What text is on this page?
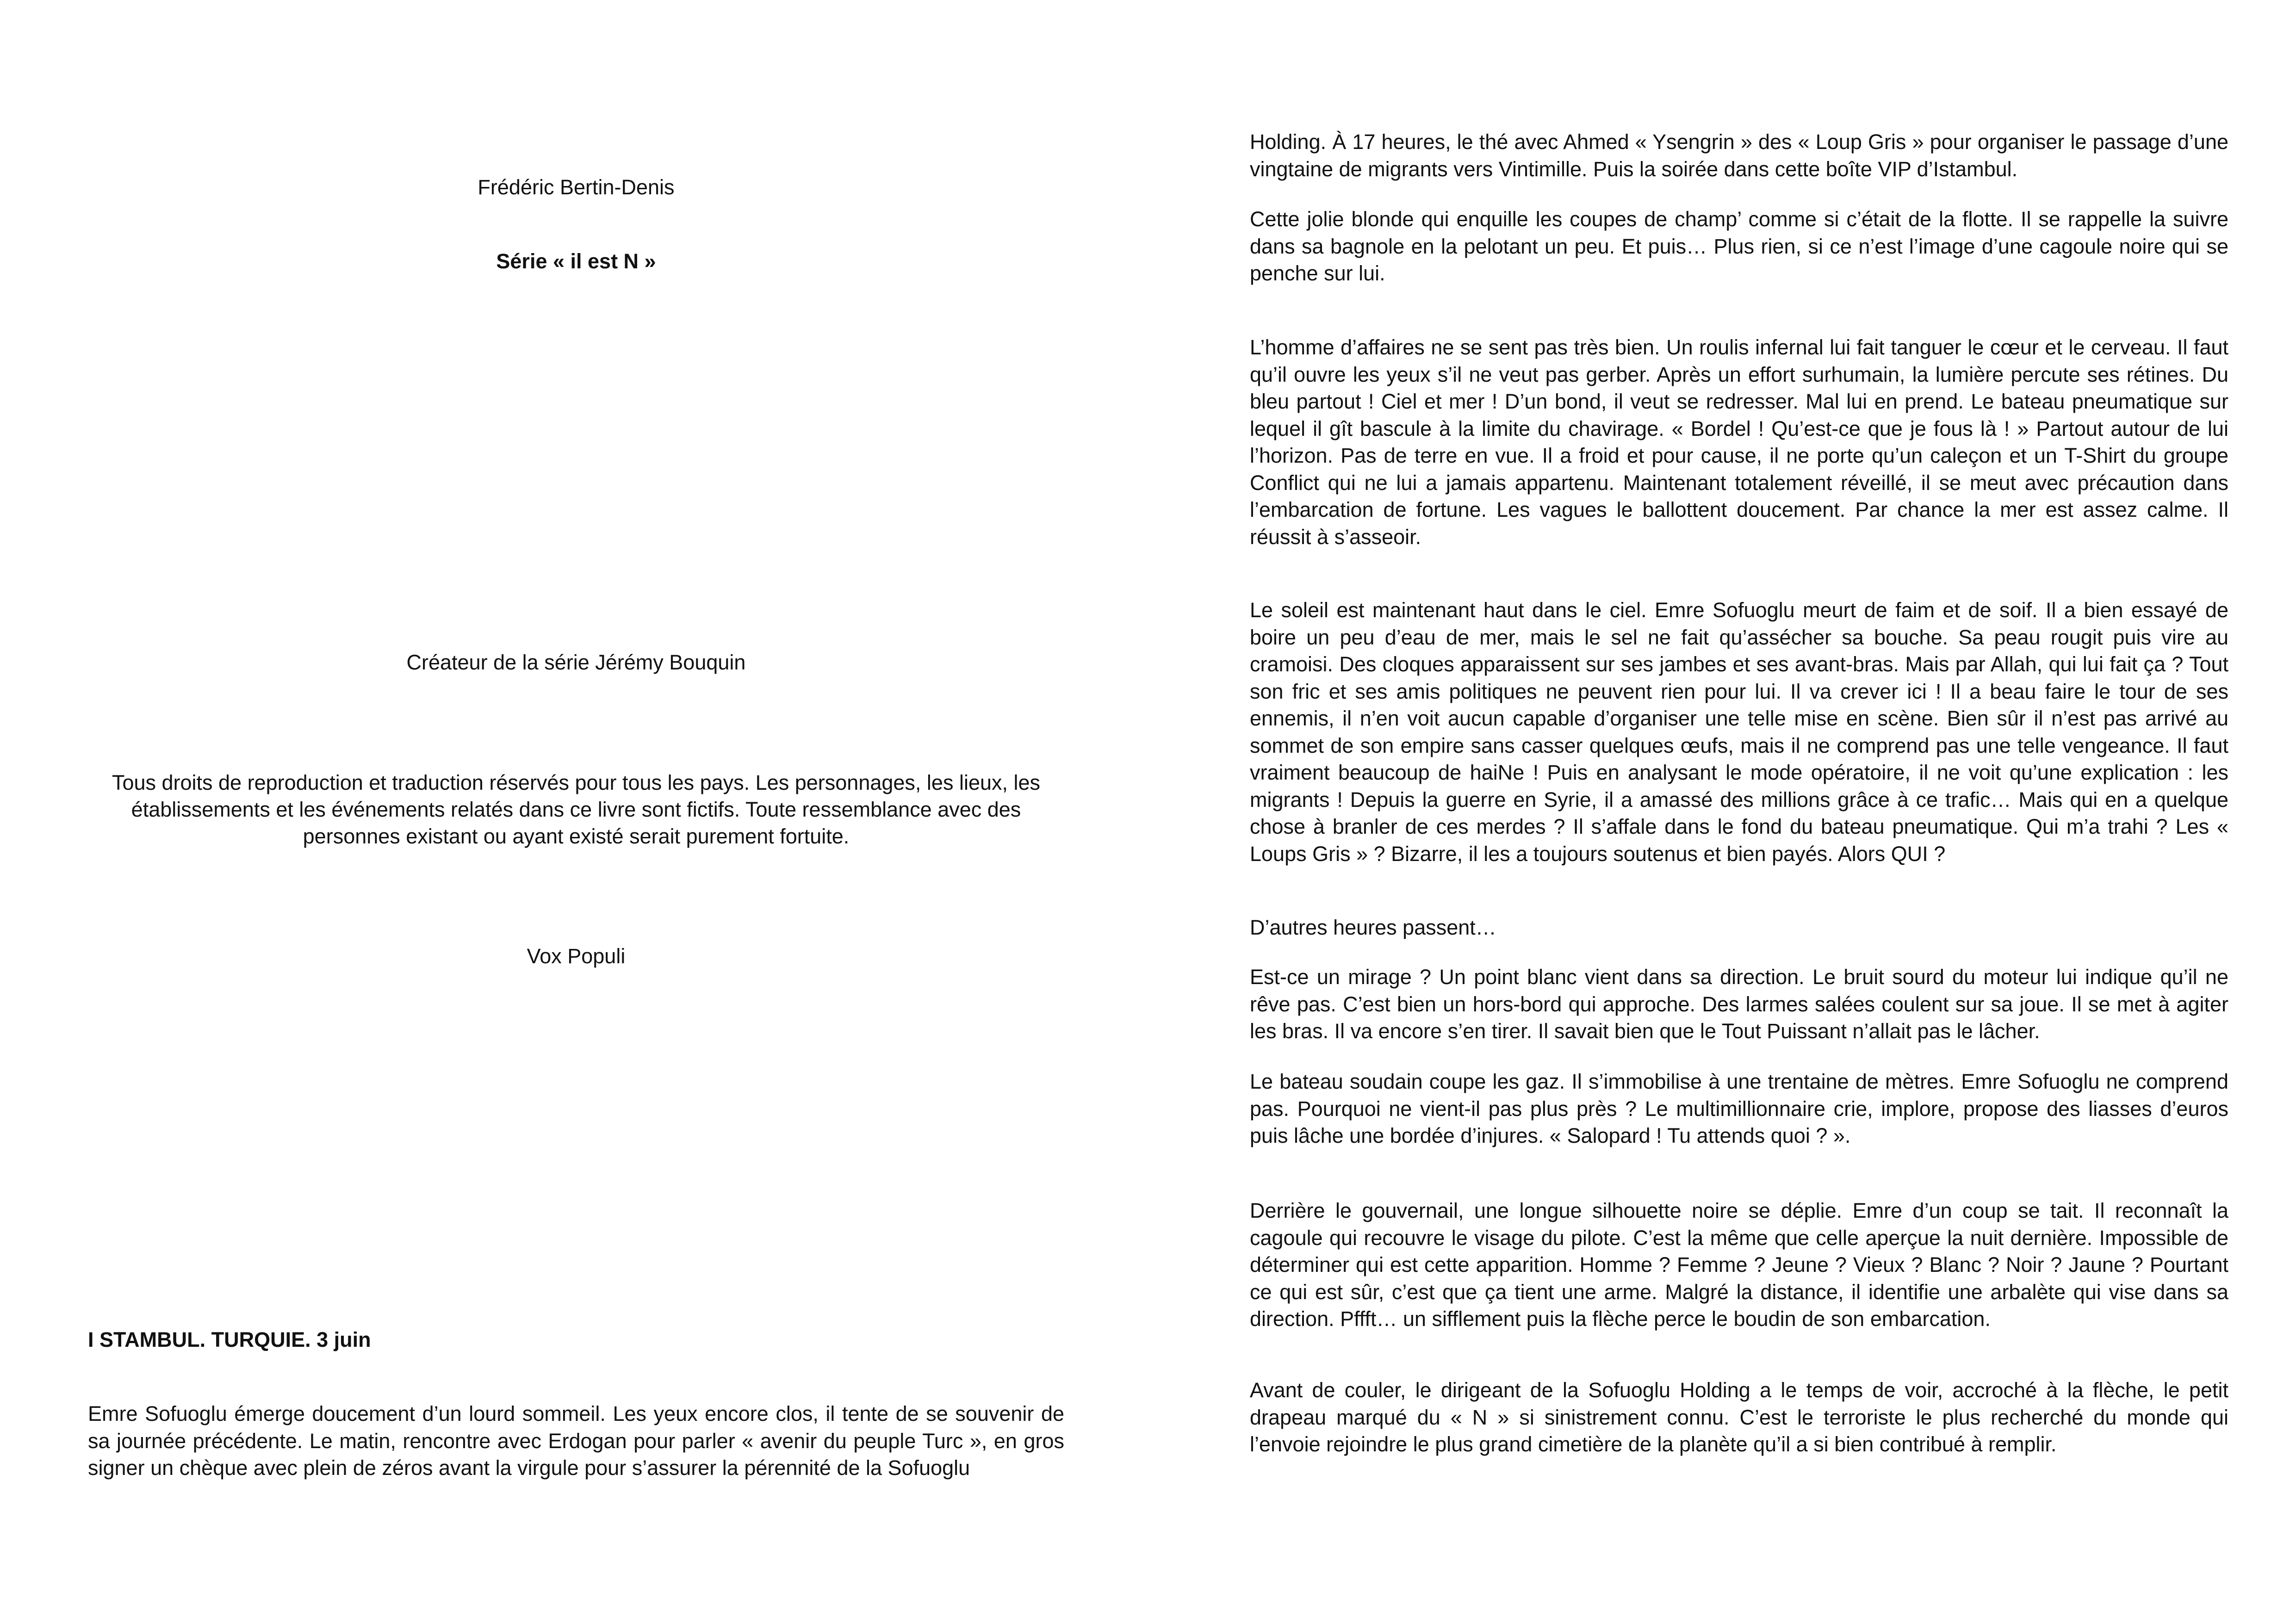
Frédéric Bertin-Denis
Série « il est N »
Créateur de la série Jérémy Bouquin
Tous droits de reproduction et traduction réservés pour tous les pays. Les personnages, les lieux, les établissements et les événements relatés dans ce livre sont fictifs. Toute ressemblance avec des personnes existant ou ayant existé serait purement fortuite.
Vox Populi
I STAMBUL. TURQUIE. 3 juin

Emre Sofuoglu émerge doucement d’un lourd sommeil. Les yeux encore clos, il tente de se souvenir de sa journée précédente. Le matin, rencontre avec Erdogan pour parler « avenir du peuple Turc », en gros signer un chèque avec plein de zéros avant la virgule pour s’assurer la pérennité de la Sofuoglu

Holding. À 17 heures, le thé avec Ahmed « Ysengrin » des « Loup Gris » pour organiser le passage d’une vingtaine de migrants vers Vintimille. Puis la soirée dans cette boîte VIP d’Istambul.

Cette jolie blonde qui enquille les coupes de champ’ comme si c’était de la flotte. Il se rappelle la suivre dans sa bagnole en la pelotant un peu. Et puis… Plus rien, si ce n’est l’image d’une cagoule noire qui se penche sur lui.

L’homme d’affaires ne se sent pas très bien. Un roulis infernal lui fait tanguer le cœur et le cerveau. Il faut qu’il ouvre les yeux s’il ne veut pas gerber. Après un effort surhumain, la lumière percute ses rétines. Du bleu partout ! Ciel et mer ! D’un bond, il veut se redresser. Mal lui en prend. Le bateau pneumatique sur lequel il gît bascule à la limite du chavirage. « Bordel ! Qu’est-ce que je fous là ! » Partout autour de lui l’horizon. Pas de terre en vue. Il a froid et pour cause, il ne porte qu’un caleçon et un T-Shirt du groupe Conflict qui ne lui a jamais appartenu. Maintenant totalement réveillé, il se meut avec précaution dans l’embarcation de fortune. Les vagues le ballottent doucement. Par chance la mer est assez calme. Il réussit à s’asseoir.

Le soleil est maintenant haut dans le ciel. Emre Sofuoglu meurt de faim et de soif. Il a bien essayé de boire un peu d’eau de mer, mais le sel ne fait qu’assécher sa bouche. Sa peau rougit puis vire au cramoisi. Des cloques apparaissent sur ses jambes et ses avant-bras. Mais par Allah, qui lui fait ça ? Tout son fric et ses amis politiques ne peuvent rien pour lui. Il va crever ici ! Il a beau faire le tour de ses ennemis, il n’en voit aucun capable d’organiser une telle mise en scène. Bien sûr il n’est pas arrivé au sommet de son empire sans casser quelques œufs, mais il ne comprend pas une telle vengeance. Il faut vraiment beaucoup de haiNe ! Puis en analysant le mode opératoire, il ne voit qu’une explication : les migrants ! Depuis la guerre en Syrie, il a amassé des millions grâce à ce trafic… Mais qui en a quelque chose à branler de ces merdes ? Il s’affale dans le fond du bateau pneumatique. Qui m’a trahi ? Les « Loups Gris » ? Bizarre, il les a toujours soutenus et bien payés. Alors QUI ?

D’autres heures passent…

Est-ce un mirage ? Un point blanc vient dans sa direction. Le bruit sourd du moteur lui indique qu’il ne rêve pas. C’est bien un hors-bord qui approche. Des larmes salées coulent sur sa joue. Il se met à agiter les bras. Il va encore s’en tirer. Il savait bien que le Tout Puissant n’allait pas le lâcher.

Le bateau soudain coupe les gaz. Il s’immobilise à une trentaine de mètres. Emre Sofuoglu ne comprend pas. Pourquoi ne vient-il pas plus près ? Le multimillionnaire crie, implore, propose des liasses d’euros puis lâche une bordée d’injures. « Salopard ! Tu attends quoi ? ».

Derrière le gouvernail, une longue silhouette noire se déplie. Emre d’un coup se tait. Il reconnaît la cagoule qui recouvre le visage du pilote. C’est la même que celle aperçue la nuit dernière. Impossible de déterminer qui est cette apparition. Homme ? Femme ? Jeune ? Vieux ? Blanc ? Noir ? Jaune ? Pourtant ce qui est sûr, c’est que ça tient une arme. Malgré la distance, il identifie une arbalète qui vise dans sa direction. Pffft… un sifflement puis la flèche perce le boudin de son embarcation.

Avant de couler, le dirigeant de la Sofuoglu Holding a le temps de voir, accroché à la flèche, le petit drapeau marqué du « N » si sinistrement connu. C’est le terroriste le plus recherché du monde qui l’envoie rejoindre le plus grand cimetière de la planète qu’il a si bien contribué à remplir.
